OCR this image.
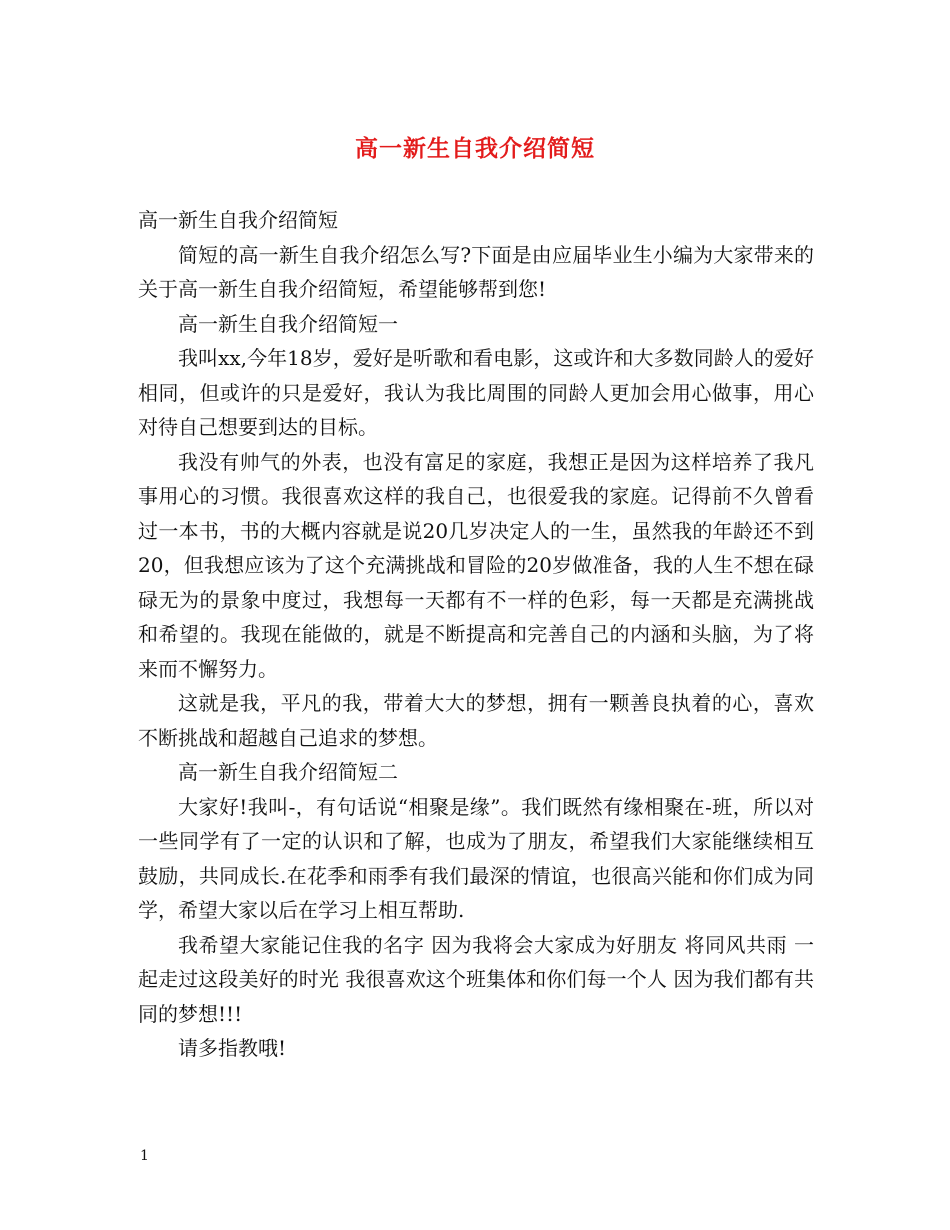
高一新生自我介绍简短

高一新生自我介绍简短

简短的高一新生自我介绍怎么写?下面是由应届毕业生小编为大家带来的关于高一新生自我介绍简短，希望能够帮到您!

高一新生自我介绍简短一

我叫xx,今年18岁，爱好是听歌和看电影，这或许和大多数同龄人的爱好相同，但或许的只是爱好，我认为我比周围的同龄人更加会用心做事，用心对待自己想要到达的目标。

我没有帅气的外表，也没有富足的家庭，我想正是因为这样培养了我凡事用心的习惯。我很喜欢这样的我自己，也很爱我的家庭。记得前不久曾看过一本书，书的大概内容就是说20几岁决定人的一生，虽然我的年龄还不到20，但我想应该为了这个充满挑战和冒险的20岁做准备，我的人生不想在碌碌无为的景象中度过，我想每一天都有不一样的色彩，每一天都是充满挑战和希望的。我现在能做的，就是不断提高和完善自己的内涵和头脑，为了将来而不懈努力。

这就是我，平凡的我，带着大大的梦想，拥有一颗善良执着的心，喜欢不断挑战和超越自己追求的梦想。

高一新生自我介绍简短二

大家好!我叫-，有句话说“相聚是缘”。我们既然有缘相聚在-班，所以对一些同学有了一定的认识和了解，也成为了朋友，希望我们大家能继续相互鼓励，共同成长.在花季和雨季有我们最深的情谊，也很高兴能和你们成为同学，希望大家以后在学习上相互帮助.

我希望大家能记住我的名字 因为我将会大家成为好朋友 将同风共雨 一起走过这段美好的时光 我很喜欢这个班集体和你们每一个人 因为我们都有共同的梦想!!!

请多指教哦!

1
